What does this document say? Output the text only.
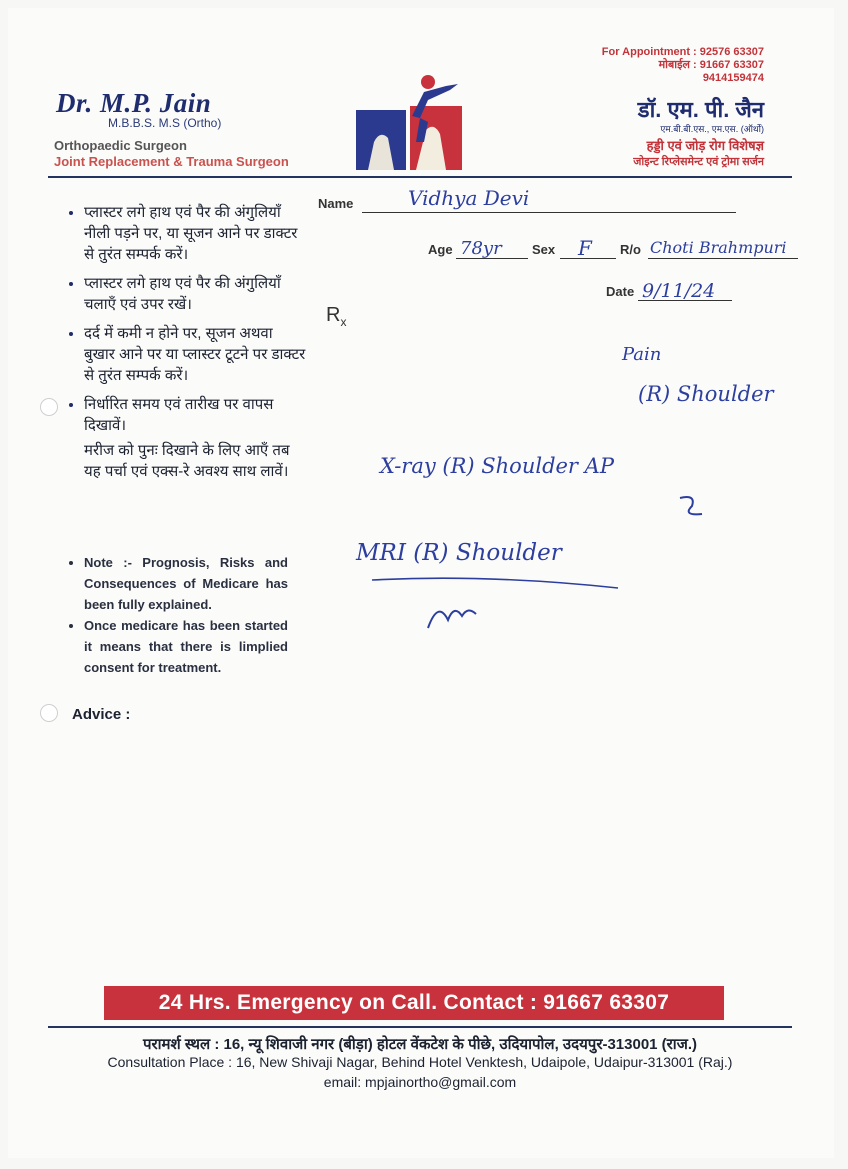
Dr. M.P. Jain
M.B.B.S. M.S (Ortho)
Orthopaedic Surgeon
Joint Replacement & Trauma Surgeon
For Appointment : 92576 63307
मोबाईल : 91667 63307
9414159474
डॉ. एम. पी. जैन
एम.बी.बी.एस., एम.एस. (ऑर्थो)
हड्डी एवं जोड़ रोग विशेषज्ञ
जोइन्ट रिप्लेसमेन्ट एवं ट्रोमा सर्जन
• प्लास्टर लगे हाथ एवं पैर की अंगुलियाँ नीली पड़ने पर, या सूजन आने पर डाक्टर से तुरंत सम्पर्क करें।
• प्लास्टर लगे हाथ एवं पैर की अंगुलियाँ चलाएँ एवं उपर रखें।
• दर्द में कमी न होने पर, सूजन अथवा बुखार आने पर या प्लास्टर टूटने पर डाक्टर से तुरंत सम्पर्क करें।
• निर्धारित समय एवं तारीख पर वापस दिखावें।
मरीज को पुनः दिखाने के लिए आएँ तब यह पर्चा एवं एक्स-रे अवश्य साथ लावें।
• Note :- Prognosis, Risks and Consequences of Medicare has been fully explained.
• Once medicare has been started it means that there is limplied consent for treatment.
Advice :
Name	Vidhya Devi
Age 78yr Sex F R/o Choti Brahmpuri
Date 9/11/24
$R_x$
Pain
(R) Shoulder
X-ray (R) Shoulder AP
MRI (R) Shoulder
24 Hrs. Emergency on Call. Contact : 91667 63307
परामर्श स्थल : 16, न्यू शिवाजी नगर (बीड़ा) होटल वेंकटेश के पीछे, उदियापोल, उदयपुर-313001 (राज.)
Consultation Place : 16, New Shivaji Nagar, Behind Hotel Venktesh, Udaipole, Udaipur-313001 (Raj.)
email: mpjainortho@gmail.com
